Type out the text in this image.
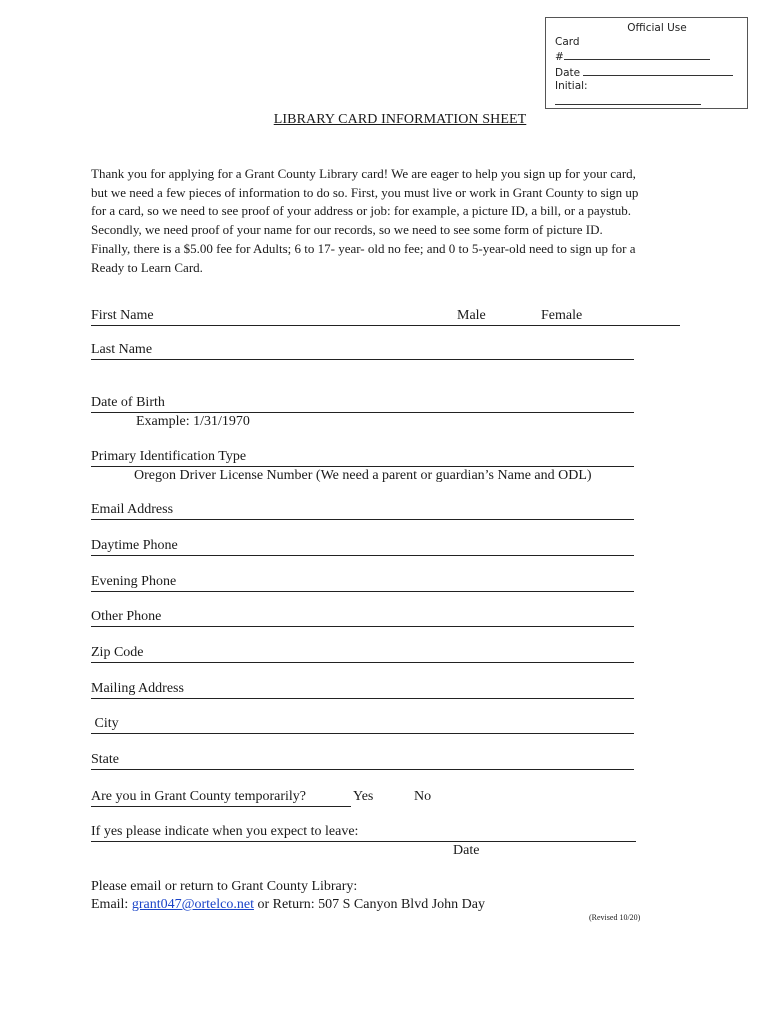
Official Use
Card
#
Date
Initial:
LIBRARY CARD INFORMATION SHEET
Thank you for applying for a Grant County Library card! We are eager to help you sign up for your card,
but we need a few pieces of information to do so. First, you must live or work in Grant County to sign up
for a card, so we need to see proof of your address or job: for example, a picture ID, a bill, or a paystub.
Secondly, we need proof of your name for our records, so we need to see some form of picture ID.
Finally, there is a $5.00 fee for Adults; 6 to 17- year- old no fee; and 0 to 5-year-old need to sign up for a
Ready to Learn Card.
First Name	Male	Female
Last Name
Date of Birth
Example: 1/31/1970
Primary Identification Type
Oregon Driver License Number (We need a parent or guardian’s Name and ODL)
Email Address
Daytime Phone
Evening Phone
Other Phone
Zip Code
Mailing Address
City
State
Are you in Grant County temporarily?	Yes	No
If yes please indicate when you expect to leave:
Date
Please email or return to Grant County Library:
Email: grant047@ortelco.net or Return: 507 S Canyon Blvd John Day
(Revised 10/20)
